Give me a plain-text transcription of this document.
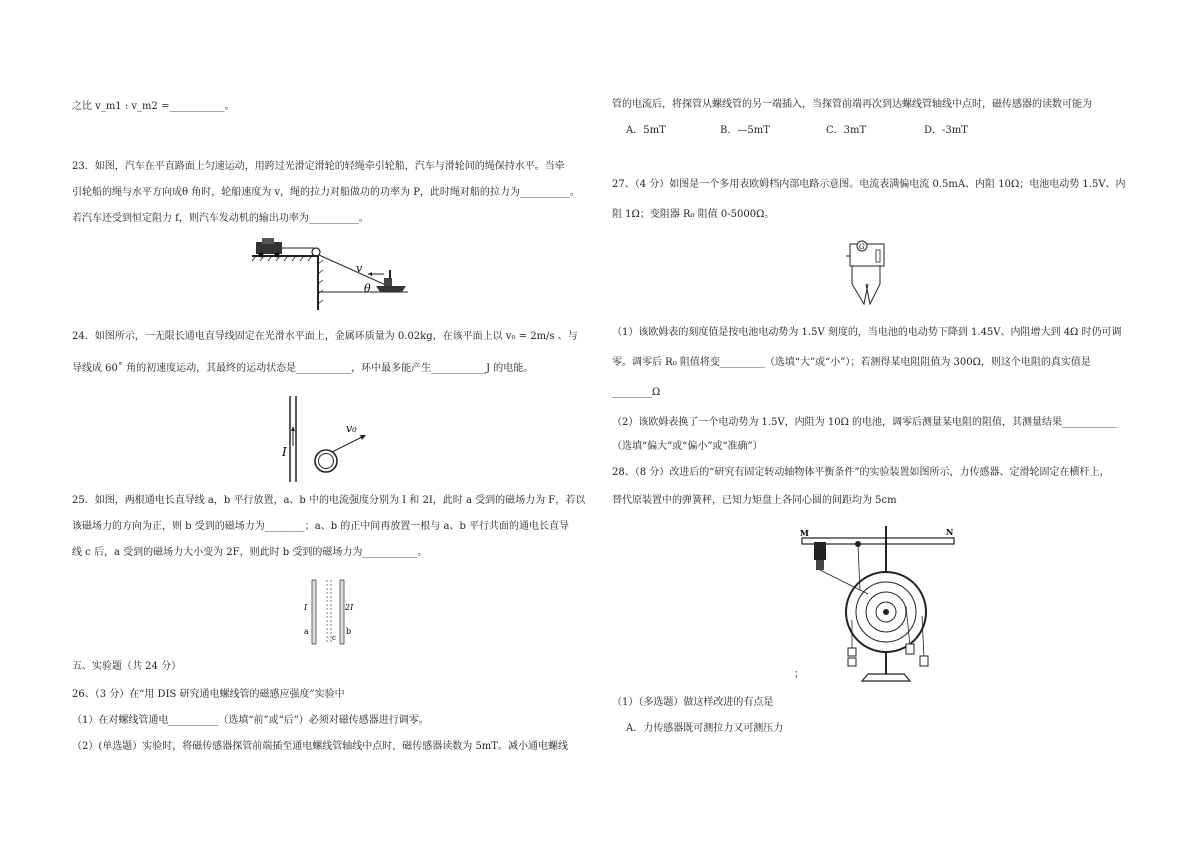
之比 v_m1 : v_m2 =___________。
23．如图，汽车在平直路面上匀速运动，用跨过光滑定滑轮的轻绳牵引轮船，汽车与滑轮间的绳保持水平。当牵
引轮船的绳与水平方向成θ 角时，轮船速度为 v，绳的拉力对船做功的功率为 P，此时绳对船的拉力为__________。
若汽车还受到恒定阻力 f，则汽车发动机的输出功率为__________。
v
θ
24．如图所示，一无限长通电直导线固定在光滑水平面上，金属环质量为 0.02kg，在该平面上以 v₀ = 2m/s 、与
导线成 60˚ 角的初速度运动，其最终的运动状态是___________，环中最多能产生___________J 的电能。
I
v₀
25．如图，两根通电长直导线 a，b 平行放置，a、b 中的电流强度分别为 I 和 2I，此时 a 受到的磁场力为 F，若以
该磁场力的方向为正，则 b 受到的磁场力为________；a、b 的正中间再放置一根与 a、b 平行共面的通电长直导
线 c 后，a 受到的磁场力大小变为 2F，则此时 b 受到的磁场力为___________。
I	2I
a
c
b
五、实验题（共 24 分）
26、（3 分）在“用 DIS 研究通电螺线管的磁感应强度”实验中
（1）在对螺线管通电__________（选填“前”或“后”）必须对磁传感器进行调零。
（2）(单选题）实验时，将磁传感器探管前端插至通电螺线管轴线中点时，磁传感器读数为 5mT。减小通电螺线
管的电流后，将探管从螺线管的另一端插入，当探管前端再次到达螺线管轴线中点时，磁传感器的读数可能为
A．5mT	B．—5mT	C．3mT	D．-3mT
27、（4 分）如图是一个多用表欧姆档内部电路示意图。电流表满偏电流 0.5mA、内阻 10Ω；电池电动势 1.5V、内
阻 1Ω；变阻器 R₀ 阻值 0-5000Ω。
G
（1）该欧姆表的刻度值是按电池电动势为 1.5V 刻度的，当电池的电动势下降到 1.45V、内阻增大到 4Ω 时仍可调
零。调零后 R₀ 阻值将变_________（选填“大”或“小”）；若测得某电阻阻值为 300Ω，则这个电阻的真实值是
________Ω
（2）该欧姆表换了一个电动势为 1.5V，内阻为 10Ω 的电池，调零后测量某电阻的阻值，其测量结果___________
（选填“偏大”或“偏小”或“准确”）
28、（8 分）改进后的“研究有固定转动轴物体平衡条件”的实验装置如图所示，力传感器、定滑轮固定在横杆上，
替代原装置中的弹簧秤，已知力矩盘上各同心圆的间距均为 5cm
M	N
；
（1）（多选题）做这样改进的有点是
A．力传感器既可测拉力又可测压力
